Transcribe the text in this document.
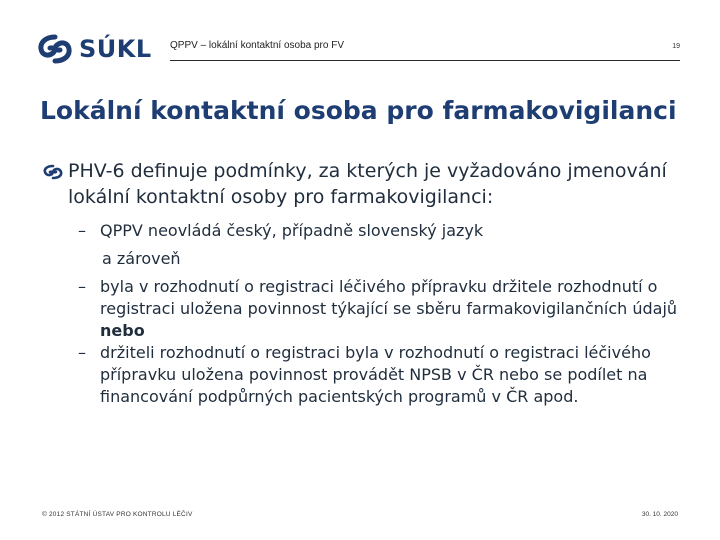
SÚKL QPPV – lokální kontaktní osoba pro FV	19
Lokální kontaktní osoba pro farmakovigilanci
PHV-6 definuje podmínky, za kterých je vyžadováno jmenování lokální kontaktní osoby pro farmakovigilanci:
– QPPV neovládá český, případně slovenský jazyk
a zároveň
– byla v rozhodnutí o registraci léčivého přípravku držitele rozhodnutí o registraci uložena povinnost týkající se sběru farmakovigilančních údajů nebo
– držiteli rozhodnutí o registraci byla v rozhodnutí o registraci léčivého přípravku uložena povinnost provádět NPSB v ČR nebo se podílet na financování podpůrných pacientských programů v ČR apod.
© 2012 STÁTNÍ ÚSTAV PRO KONTROLU LÉČIV	30. 10. 2020
